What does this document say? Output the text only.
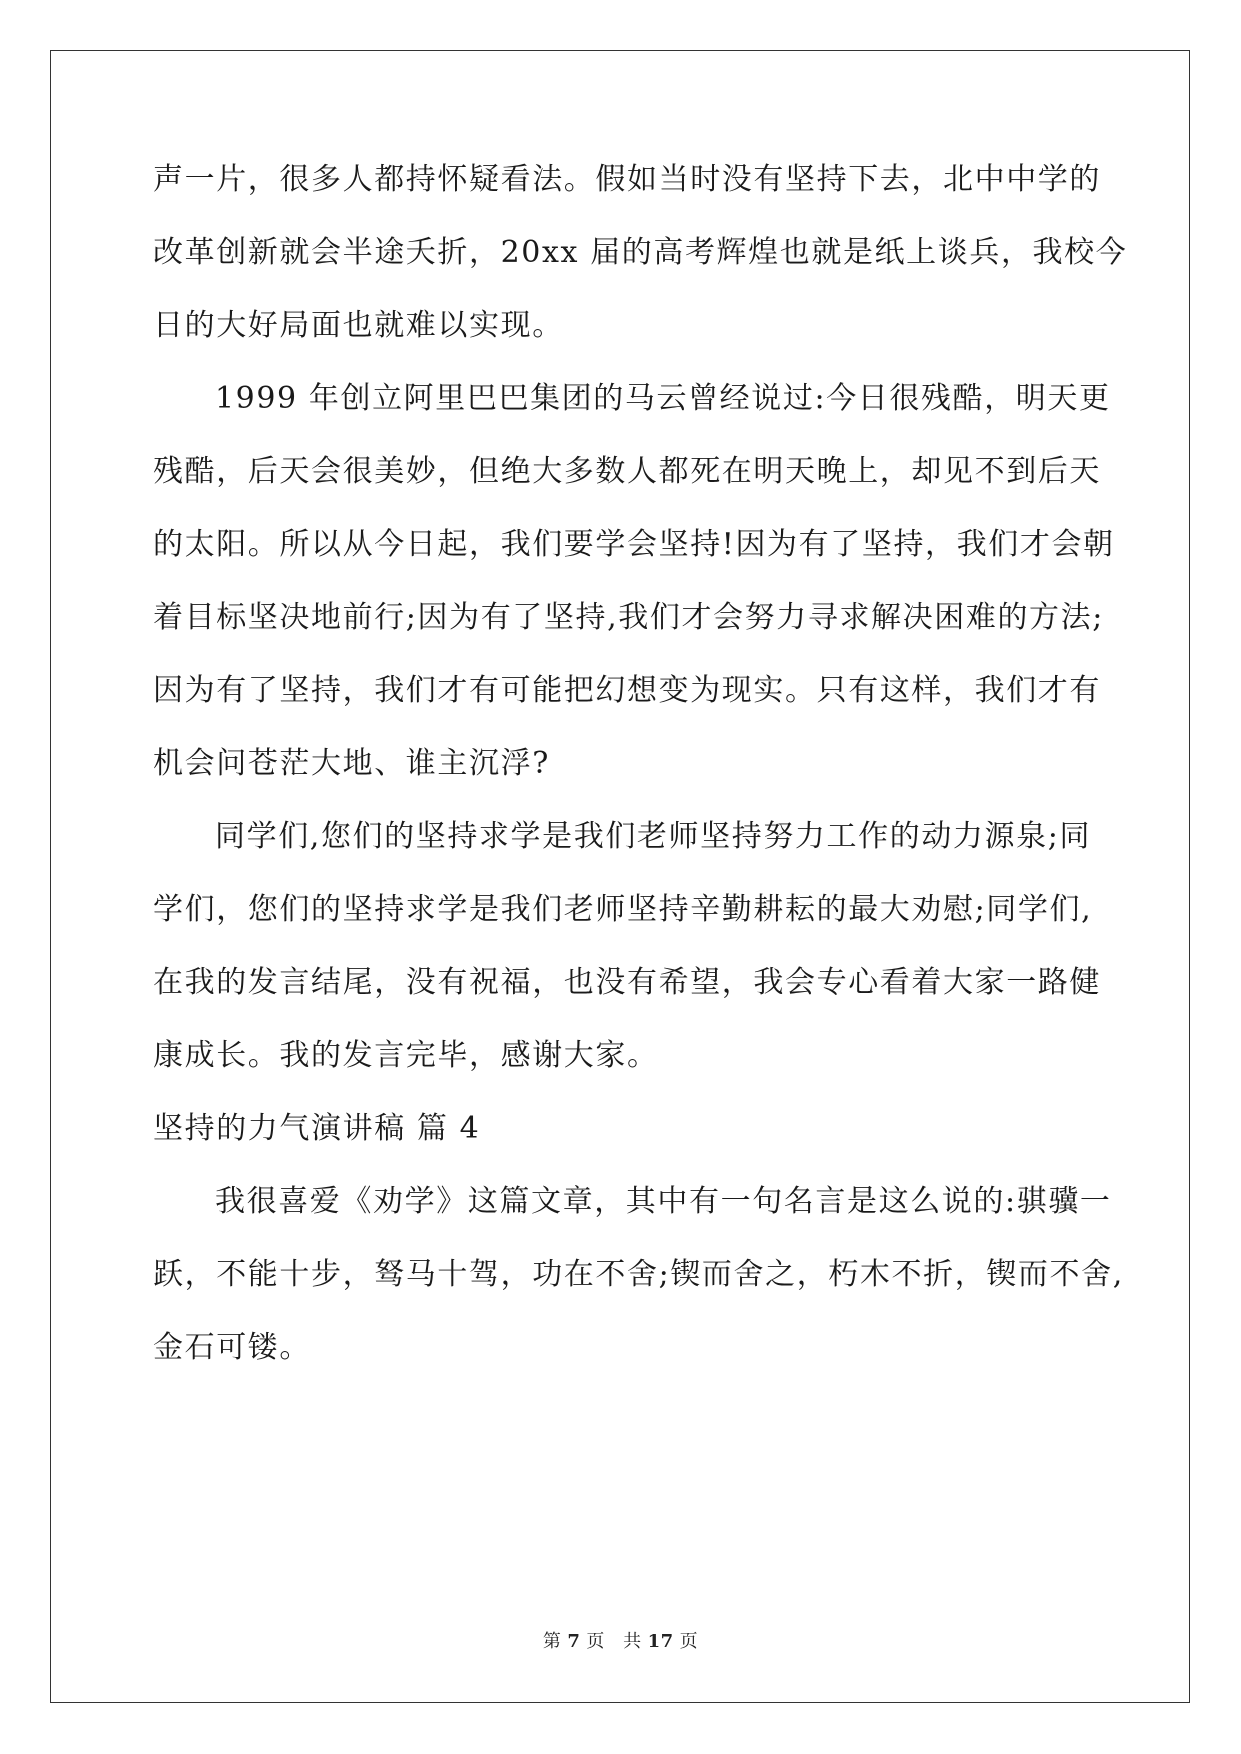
声一片，很多人都持怀疑看法。假如当时没有坚持下去，北中中学的
改革创新就会半途夭折，20xx 届的高考辉煌也就是纸上谈兵，我校今
日的大好局面也就难以实现。
1999 年创立阿里巴巴集团的马云曾经说过:今日很残酷，明天更
残酷，后天会很美妙，但绝大多数人都死在明天晚上，却见不到后天
的太阳。所以从今日起，我们要学会坚持!因为有了坚持，我们才会朝
着目标坚决地前行;因为有了坚持,我们才会努力寻求解决困难的方法;
因为有了坚持，我们才有可能把幻想变为现实。只有这样，我们才有
机会问苍茫大地、谁主沉浮?
同学们,您们的坚持求学是我们老师坚持努力工作的动力源泉;同
学们，您们的坚持求学是我们老师坚持辛勤耕耘的最大劝慰;同学们,
在我的发言结尾，没有祝福，也没有希望，我会专心看着大家一路健
康成长。我的发言完毕，感谢大家。
坚持的力气演讲稿 篇 4
我很喜爱《劝学》这篇文章，其中有一句名言是这么说的:骐骥一
跃，不能十步，驽马十驾，功在不舍;锲而舍之，朽木不折，锲而不舍,
金石可镂。
第 7 页 共 17 页
